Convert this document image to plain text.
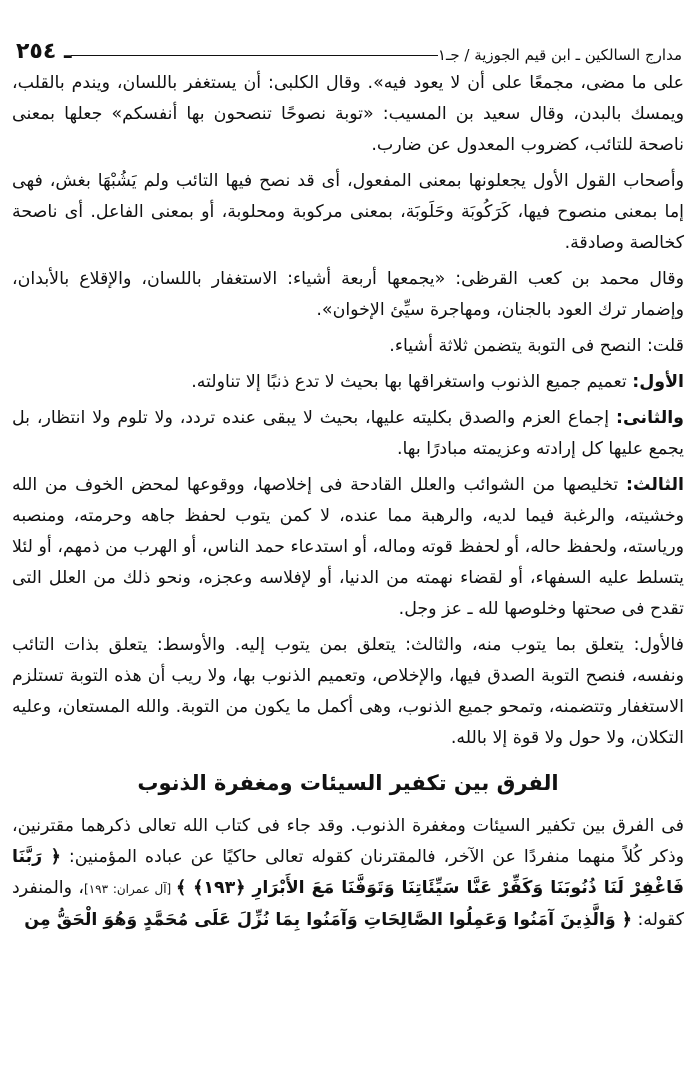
ـ ٢٥٤	مدارج السالكين ـ ابن قيم الجوزية / جـ١

على ما مضى، مجمعًا على أن لا يعود فيه». وقال الكلبى: أن يستغفر باللسان، ويندم بالقلب، ويمسك بالبدن، وقال سعيد بن المسيب: «توبة نصوحًا تنصحون بها أنفسكم» جعلها بمعنى ناصحة للتائب، كضروب المعدول عن ضارب.

وأصحاب القول الأول يجعلونها بمعنى المفعول، أى قد نصح فيها التائب ولم يَشُبْهَا بغش، فهى إما بمعنى منصوح فيها، كَرَكُوبَة وحَلَوبَة، بمعنى مركوبة ومحلوبة، أو بمعنى الفاعل. أى ناصحة كخالصة وصادقة.

وقال محمد بن كعب القرظى: «يجمعها أربعة أشياء: الاستغفار باللسان، والإقلاع بالأبدان، وإضمار ترك العود بالجنان، ومهاجرة سيِّئ الإخوان».

قلت: النصح فى التوبة يتضمن ثلاثة أشياء.

الأول: تعميم جميع الذنوب واستغراقها بها بحيث لا تدع ذنبًا إلا تناولته.

والثانى: إجماع العزم والصدق بكليته عليها، بحيث لا يبقى عنده تردد، ولا تلوم ولا انتظار، بل يجمع عليها كل إرادته وعزيمته مبادرًا بها.

الثالث: تخليصها من الشوائب والعلل القادحة فى إخلاصها، ووقوعها لمحض الخوف من الله وخشيته، والرغبة فيما لديه، والرهبة مما عنده، لا كمن يتوب لحفظ جاهه وحرمته، ومنصبه ورياسته، ولحفظ حاله، أو لحفظ قوته وماله، أو استدعاء حمد الناس، أو الهرب من ذمهم، أو لئلا يتسلط عليه السفهاء، أو لقضاء نهمته من الدنيا، أو لإفلاسه وعجزه، ونحو ذلك من العلل التى تقدح فى صحتها وخلوصها لله ـ عز وجل.

فالأول: يتعلق بما يتوب منه، والثالث: يتعلق بمن يتوب إليه. والأوسط: يتعلق بذات التائب ونفسه، فنصح التوبة الصدق فيها، والإخلاص، وتعميم الذنوب بها، ولا ريب أن هذه التوبة تستلزم الاستغفار وتتضمنه، وتمحو جميع الذنوب، وهى أكمل ما يكون من التوبة. والله المستعان، وعليه التكلان، ولا حول ولا قوة إلا بالله.

الفرق بين تكفير السيئات ومغفرة الذنوب

فى الفرق بين تكفير السيئات ومغفرة الذنوب. وقد جاء فى كتاب الله تعالى ذكرهما مقترنين، وذكر كُلاً منهما منفردًا عن الآخر، فالمقترنان كقوله تعالى حاكيًا عن عباده المؤمنين: ﴿ رَبَّنَا فَاغْفِرْ لَنَا ذُنُوبَنَا وَكَفِّرْ عَنَّا سَيِّئَاتِنَا وَتَوَفَّنَا مَعَ الأَبْرَارِ ﴿١٩٣﴾ ﴾ [آل عمران: ١٩٣]، والمنفرد كقوله: ﴿ وَالَّذِينَ آمَنُوا وَعَمِلُوا الصَّالِحَاتِ وَآمَنُوا بِمَا نُزِّلَ عَلَى مُحَمَّدٍ وَهُوَ الْحَقُّ مِن
